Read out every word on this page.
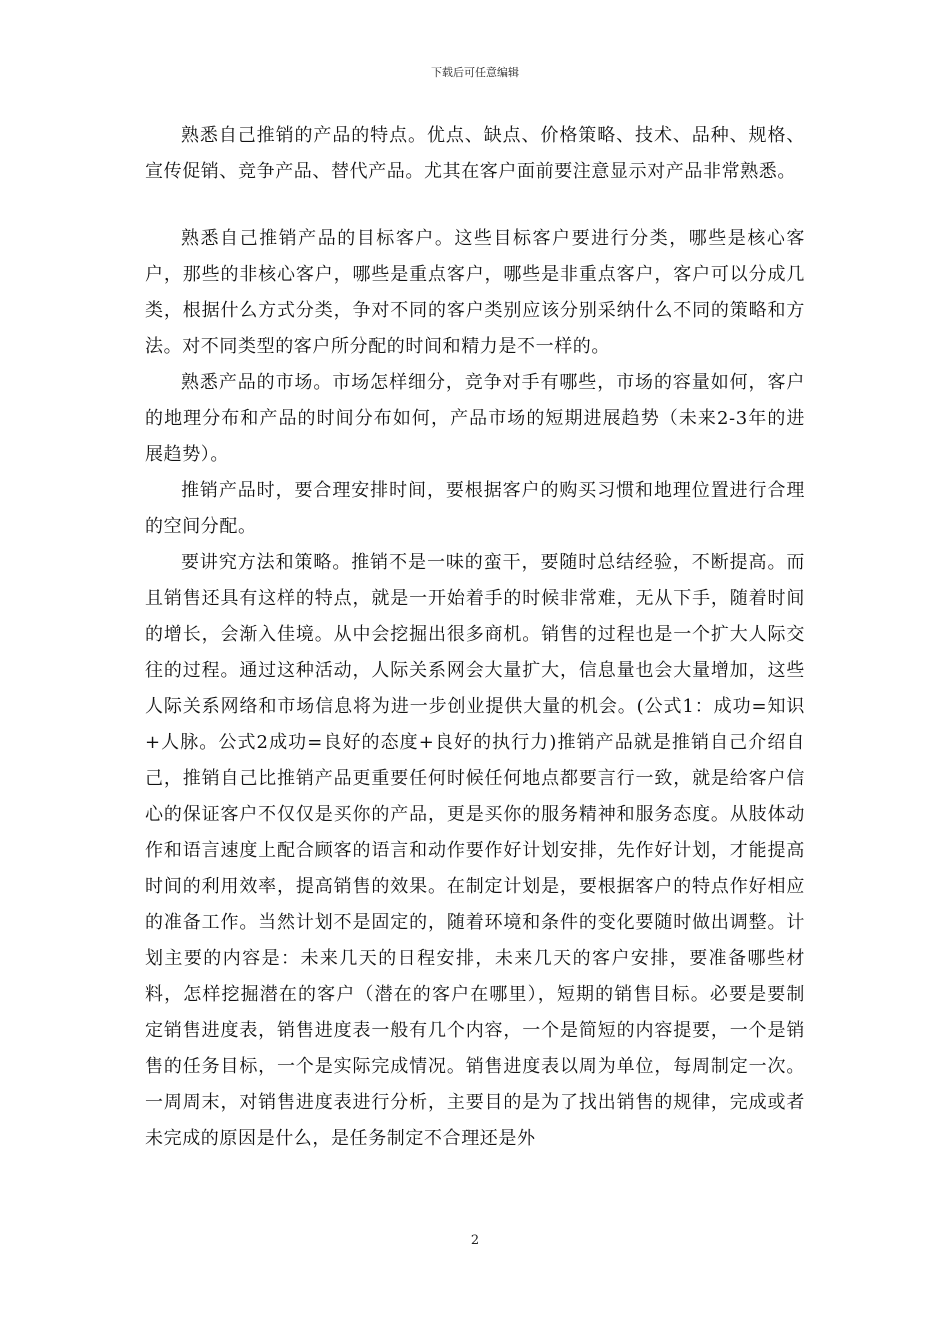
下载后可任意编辑

熟悉自己推销的产品的特点。优点、缺点、价格策略、技术、品种、规格、宣传促销、竞争产品、替代产品。尤其在客户面前要注意显示对产品非常熟悉。

熟悉自己推销产品的目标客户。这些目标客户要进行分类，哪些是核心客户，那些的非核心客户，哪些是重点客户，哪些是非重点客户，客户可以分成几类，根据什么方式分类，争对不同的客户类别应该分别采纳什么不同的策略和方法。对不同类型的客户所分配的时间和精力是不一样的。

熟悉产品的市场。市场怎样细分，竞争对手有哪些，市场的容量如何，客户的地理分布和产品的时间分布如何，产品市场的短期进展趋势（未来2-3年的进展趋势）。

推销产品时，要合理安排时间，要根据客户的购买习惯和地理位置进行合理的空间分配。

要讲究方法和策略。推销不是一味的蛮干，要随时总结经验，不断提高。而且销售还具有这样的特点，就是一开始着手的时候非常难，无从下手，随着时间的增长，会渐入佳境。从中会挖掘出很多商机。销售的过程也是一个扩大人际交往的过程。通过这种活动，人际关系网会大量扩大，信息量也会大量增加，这些人际关系网络和市场信息将为进一步创业提供大量的机会。(公式1：成功=知识+人脉。公式2成功=良好的态度+良好的执行力)推销产品就是推销自己介绍自己，推销自己比推销产品更重要任何时候任何地点都要言行一致，就是给客户信心的保证客户不仅仅是买你的产品，更是买你的服务精神和服务态度。从肢体动作和语言速度上配合顾客的语言和动作要作好计划安排，先作好计划，才能提高时间的利用效率，提高销售的效果。在制定计划是，要根据客户的特点作好相应的准备工作。当然计划不是固定的，随着环境和条件的变化要随时做出调整。计划主要的内容是：未来几天的日程安排，未来几天的客户安排，要准备哪些材料，怎样挖掘潜在的客户（潜在的客户在哪里），短期的销售目标。必要是要制定销售进度表，销售进度表一般有几个内容，一个是简短的内容提要，一个是销售的任务目标，一个是实际完成情况。销售进度表以周为单位，每周制定一次。一周周末，对销售进度表进行分析，主要目的是为了找出销售的规律，完成或者未完成的原因是什么，是任务制定不合理还是外

2
